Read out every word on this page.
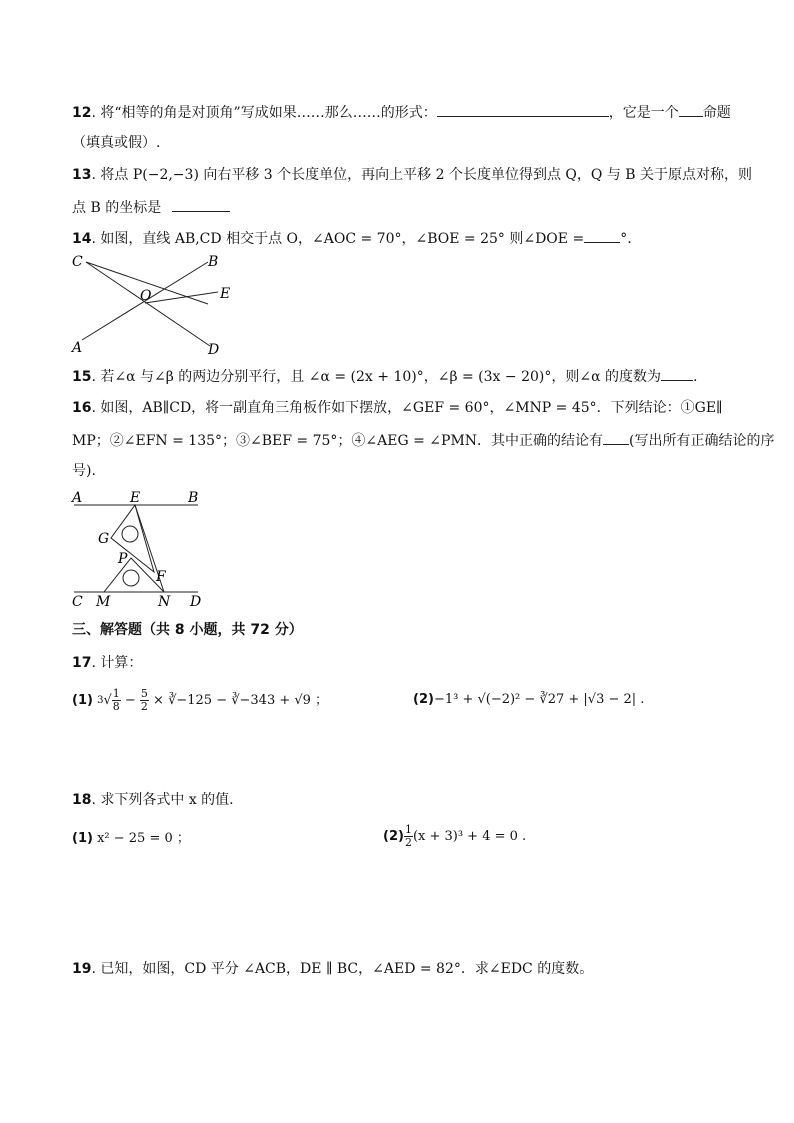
12. 将“相等的角是对顶角”写成如果……那么……的形式：	，它是一个 命题
（填真或假）.
13. 将点 P(−2,−3) 向右平移 3 个长度单位，再向上平移 2 个长度单位得到点 Q，Q 与 B 关于原点对称，则
点 B 的坐标是
14. 如图，直线 AB,CD 相交于点 O，∠AOC = 70°，∠BOE = 25° 则∠DOE =	°.
C	B
O	E
A	D
15. 若∠α 与∠β 的两边分别平行，且 ∠α = (2x + 10)°，∠β = (3x − 20)°，则∠α 的度数为 .
16. 如图，AB∥CD，将一副直角三角板作如下摆放，∠GEF = 60°，∠MNP = 45°．下列结论：①GE∥
MP；②∠EFN = 135°；③∠BEF = 75°；④∠AEG = ∠PMN．其中正确的结论有 (写出所有正确结论的序
号).
A	E	B
G
P
F
C M	N D
三、解答题（共 8 小题，共 72 分）
17. 计算：
(1) $^3√ \frac{1}{8} - \frac{5}{2}$ × ∛−125 − ∛−343 + √9 ；	(2)−1³ + √(−2)² − ∛27 + |√3 − 2| .
18. 求下列各式中 x 的值.
(1) x² − 25 = 0 ；	$(2) \frac{1}{2} (x + 3)^3 + 4 = 0$ .
19. 已知，如图，CD 平分 ∠ACB，DE ∥ BC，∠AED = 82°．求∠EDC 的度数。
